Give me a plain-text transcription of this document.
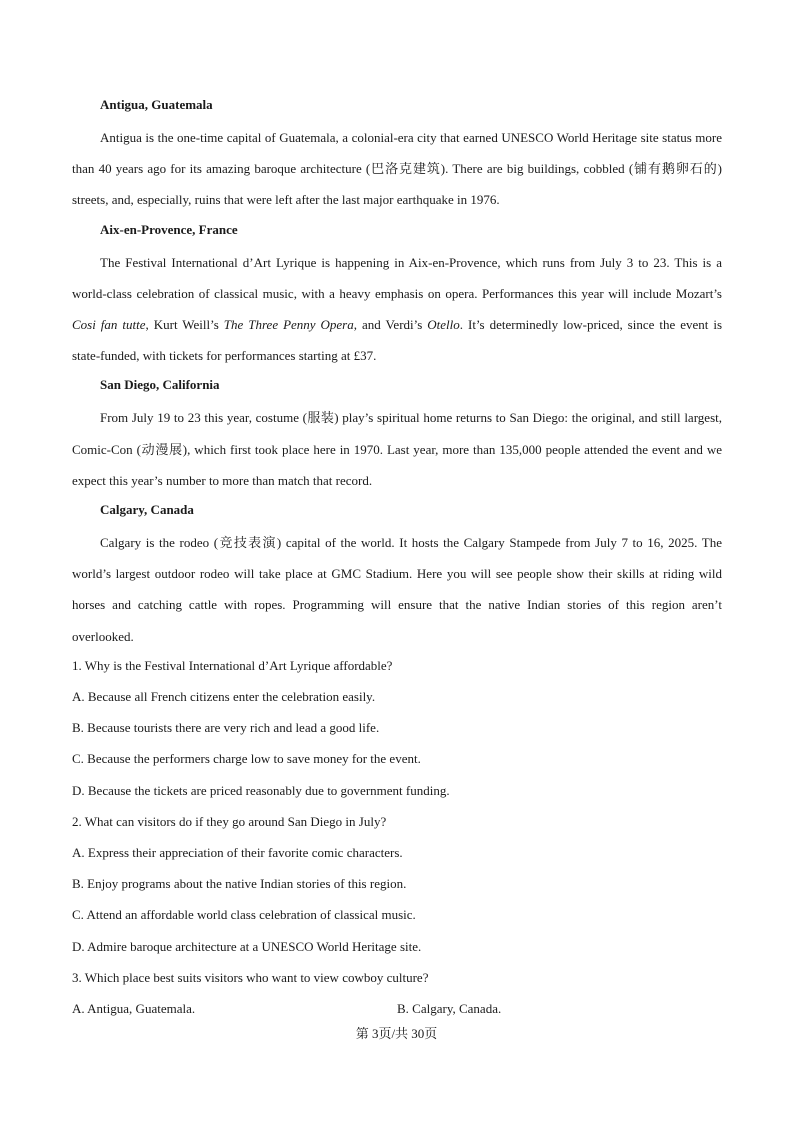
Antigua, Guatemala

Antigua is the one-time capital of Guatemala, a colonial-era city that earned UNESCO World Heritage site status more than 40 years ago for its amazing baroque architecture (巴洛克建筑). There are big buildings, cobbled (铺有鹅卵石的) streets, and, especially, ruins that were left after the last major earthquake in 1976.

Aix-en-Provence, France

The Festival International d’Art Lyrique is happening in Aix-en-Provence, which runs from July 3 to 23. This is a world-class celebration of classical music, with a heavy emphasis on opera. Performances this year will include Mozart’s Cosi fan tutte, Kurt Weill’s The Three Penny Opera, and Verdi’s Otello. It’s determinedly low-priced, since the event is state-funded, with tickets for performances starting at £37.

San Diego, California

From July 19 to 23 this year, costume (服装) play’s spiritual home returns to San Diego: the original, and still largest, Comic-Con (动漫展), which first took place here in 1970. Last year, more than 135,000 people attended the event and we expect this year’s number to more than match that record.

Calgary, Canada

Calgary is the rodeo (竞技表演) capital of the world. It hosts the Calgary Stampede from July 7 to 16, 2025. The world’s largest outdoor rodeo will take place at GMC Stadium. Here you will see people show their skills at riding wild horses and catching cattle with ropes. Programming will ensure that the native Indian stories of this region aren’t overlooked.

1. Why is the Festival International d’Art Lyrique affordable?
A. Because all French citizens enter the celebration easily.
B. Because tourists there are very rich and lead a good life.
C. Because the performers charge low to save money for the event.
D. Because the tickets are priced reasonably due to government funding.
2. What can visitors do if they go around San Diego in July?
A. Express their appreciation of their favorite comic characters.
B. Enjoy programs about the native Indian stories of this region.
C. Attend an affordable world class celebration of classical music.
D. Admire baroque architecture at a UNESCO World Heritage site.
3. Which place best suits visitors who want to view cowboy culture?
A. Antigua, Guatemala.	B. Calgary, Canada.
第 3页/共 30页
